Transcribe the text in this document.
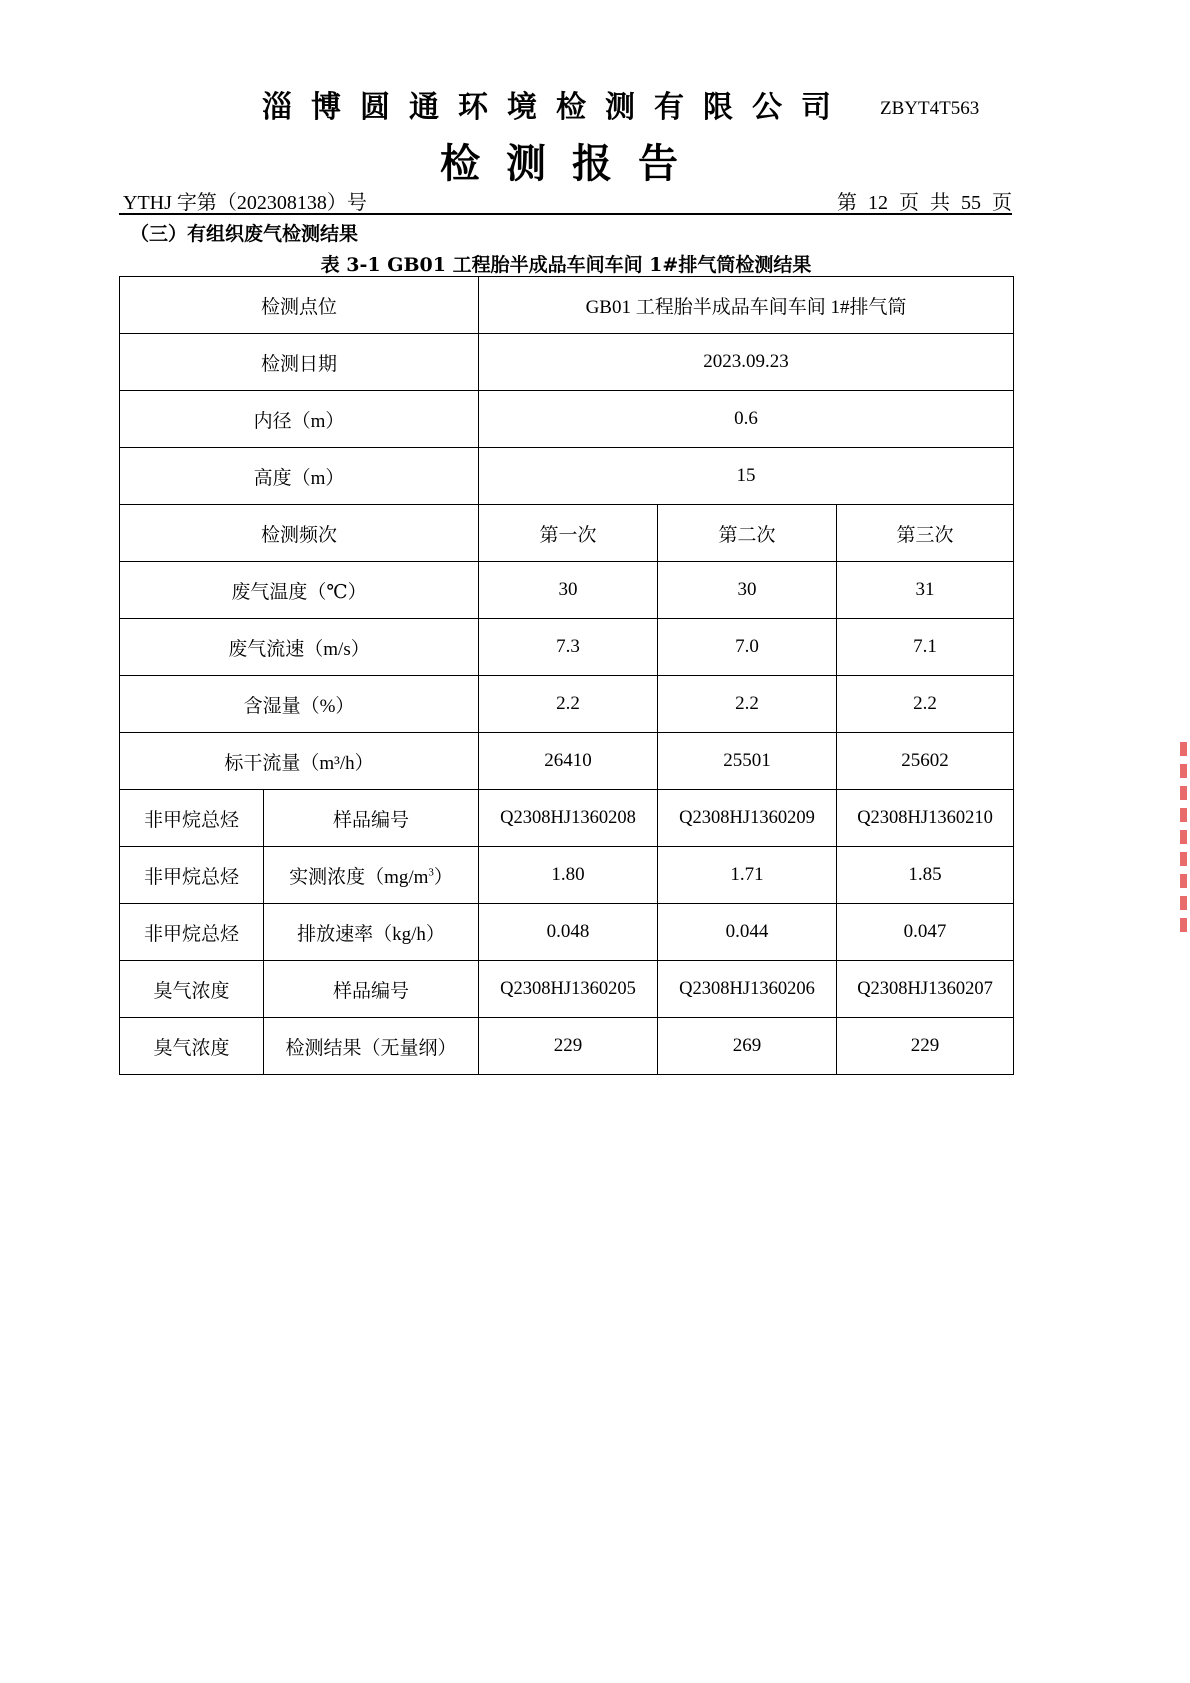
淄博圆通环境检测有限公司 ZBYT4T563
检测报告
YTHJ 字第（202308138）号	第 12 页 共 55 页
（三）有组织废气检测结果
表 3-1 GB01 工程胎半成品车间车间 1#排气筒检测结果
检测点位		GB01 工程胎半成品车间车间 1#排气筒		
检测日期		2023.09.23		
内径（m）		0.6		
高度（m）		15		
检测频次		第一次	第二次	第三次
废气温度（℃）		30	30	31
废气流速（m/s）		7.3	7.0	7.1
含湿量（%）		2.2	2.2	2.2
标干流量（m³/h）		26410	25501	25602
非甲烷总烃	样品编号	Q2308HJ1360208	Q2308HJ1360209	Q2308HJ1360210
非甲烷总烃	实测浓度$(mg/m^3)$	1.80	1.71	1.85
非甲烷总烃	排放速率（kg/h）	0.048	0.044	0.047
臭气浓度	样品编号	Q2308HJ1360205	Q2308HJ1360206	Q2308HJ1360207
臭气浓度	检测结果（无量纲）	229	269	229
